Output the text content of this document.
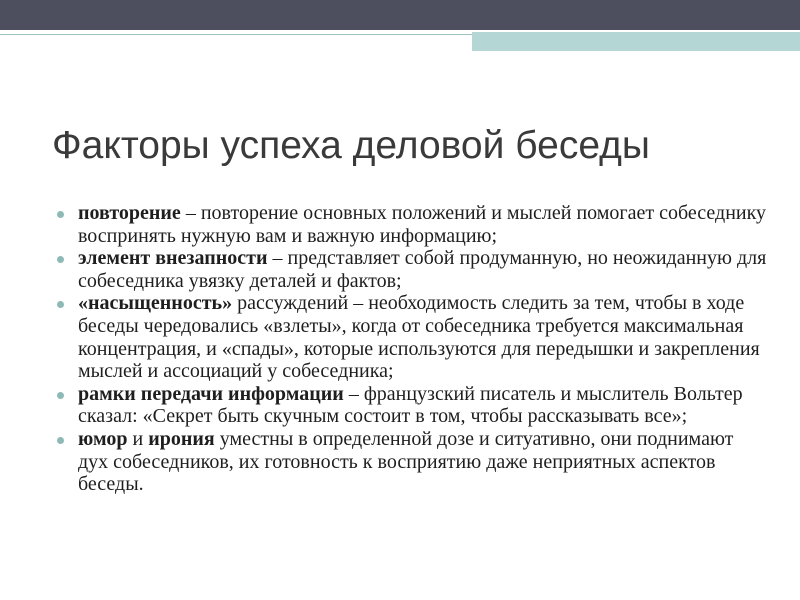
Факторы успеха деловой беседы
повторение – повторение основных положений и мыслей помогает собеседнику воспринять нужную вам и важную информацию;
элемент внезапности – представляет собой продуманную, но неожиданную для собеседника увязку деталей и фактов;
«насыщенность» рассуждений – необходимость следить за тем, чтобы в ходе беседы чередовались «взлеты», когда от собеседника требуется максимальная концентрация, и «спады», которые используются для передышки и закрепления мыслей и ассоциаций у собеседника;
рамки передачи информации – французский писатель и мыслитель Вольтер сказал: «Секрет быть скучным состоит в том, чтобы рассказывать все»;
юмор и ирония уместны в определенной дозе и ситуативно, они поднимают дух собеседников, их готовность к восприятию даже неприятных аспектов беседы.
